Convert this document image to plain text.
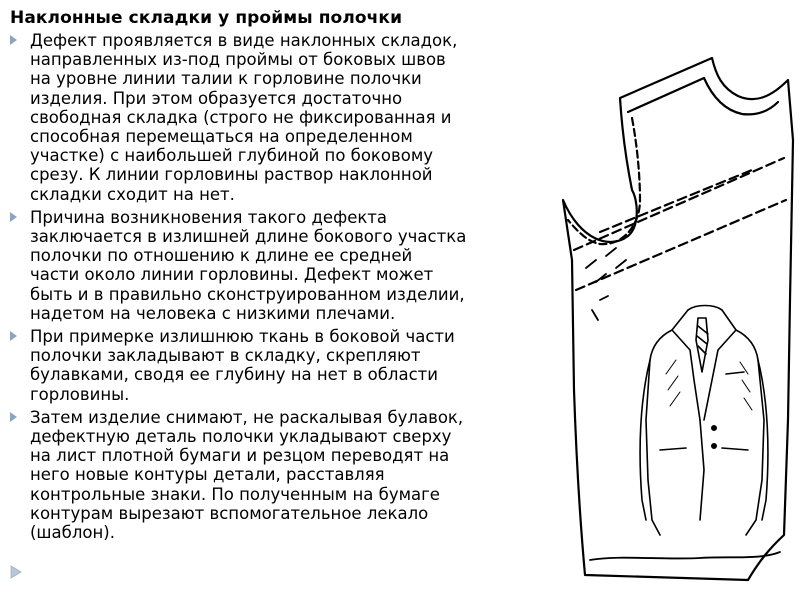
Наклонные складки у проймы полочки
Дефект проявляется в виде наклонных складок,
направленных из-под проймы от боковых швов
на уровне линии талии к горловине полочки
изделия. При этом образуется достаточно
свободная складка (строго не фиксированная и
способная перемещаться на определенном
участке) с наибольшей глубиной по боковому
срезу. К линии горловины раствор наклонной
складки сходит на нет.
Причина возникновения такого дефекта
заключается в излишней длине бокового участка
полочки по отношению к длине ее средней
части около линии горловины. Дефект может
быть и в правильно сконструированном изделии,
надетом на человека с низкими плечами.
При примерке излишнюю ткань в боковой части
полочки закладывают в складку, скрепляют
булавками, сводя ее глубину на нет в области
горловины.
Затем изделие снимают, не раскалывая булавок,
дефектную деталь полочки укладывают сверху
на лист плотной бумаги и резцом переводят на
него новые контуры детали, расставляя
контрольные знаки. По полученным на бумаге
контурам вырезают вспомогательное лекало
(шаблон).
